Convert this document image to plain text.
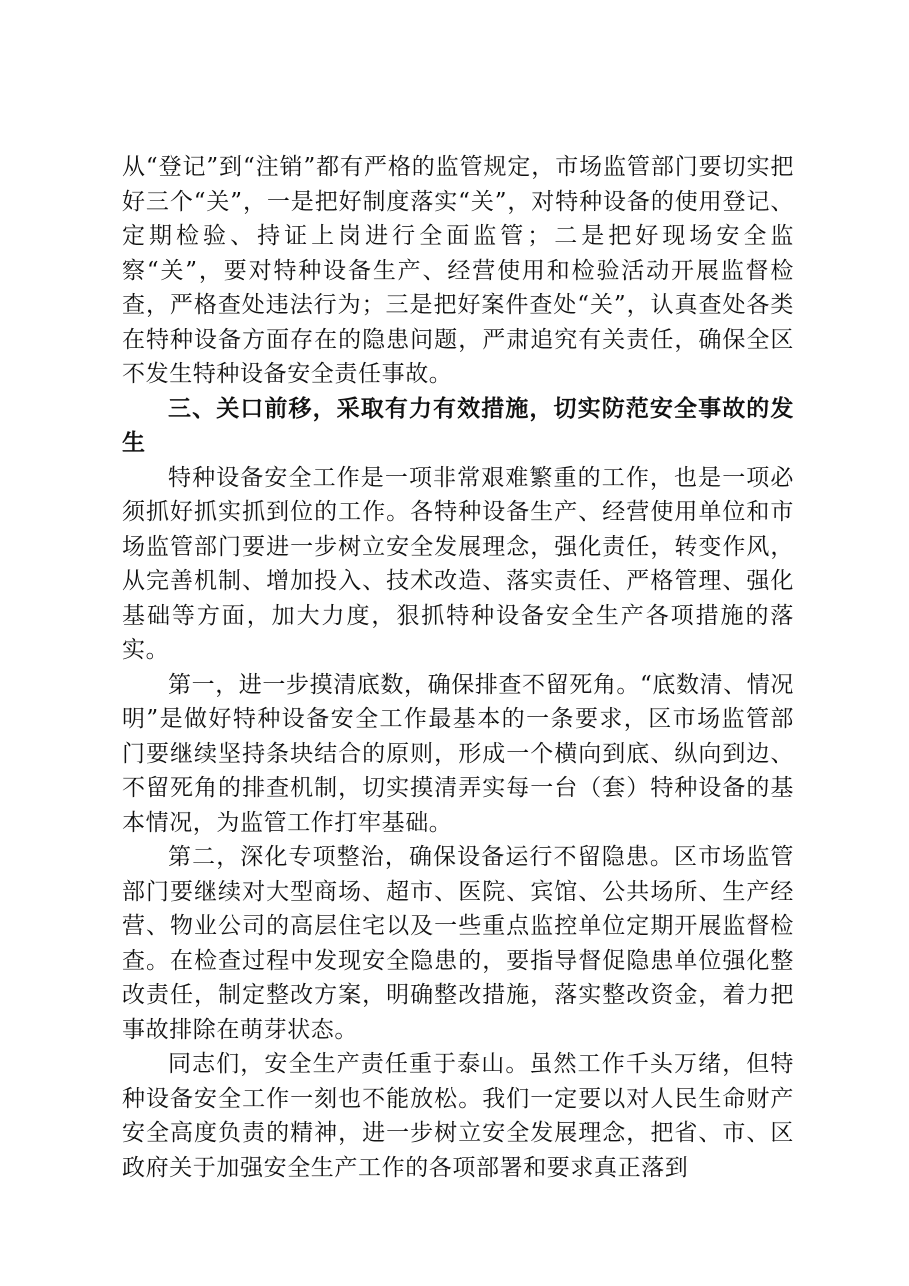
从“登记”到“注销”都有严格的监管规定，市场监管部门要切实把好三个“关”，一是把好制度落实“关”，对特种设备的使用登记、定期检验、持证上岗进行全面监管；二是把好现场安全监察“关”，要对特种设备生产、经营使用和检验活动开展监督检查，严格查处违法行为；三是把好案件查处“关”，认真查处各类在特种设备方面存在的隐患问题，严肃追究有关责任，确保全区不发生特种设备安全责任事故。

三、关口前移，采取有力有效措施，切实防范安全事故的发生

特种设备安全工作是一项非常艰难繁重的工作，也是一项必须抓好抓实抓到位的工作。各特种设备生产、经营使用单位和市场监管部门要进一步树立安全发展理念，强化责任，转变作风，从完善机制、增加投入、技术改造、落实责任、严格管理、强化基础等方面，加大力度，狠抓特种设备安全生产各项措施的落实。

第一，进一步摸清底数，确保排查不留死角。“底数清、情况明”是做好特种设备安全工作最基本的一条要求，区市场监管部门要继续坚持条块结合的原则，形成一个横向到底、纵向到边、不留死角的排查机制，切实摸清弄实每一台（套）特种设备的基本情况，为监管工作打牢基础。

第二，深化专项整治，确保设备运行不留隐患。区市场监管部门要继续对大型商场、超市、医院、宾馆、公共场所、生产经营、物业公司的高层住宅以及一些重点监控单位定期开展监督检查。在检查过程中发现安全隐患的，要指导督促隐患单位强化整改责任，制定整改方案，明确整改措施，落实整改资金，着力把事故排除在萌芽状态。

同志们，安全生产责任重于泰山。虽然工作千头万绪，但特种设备安全工作一刻也不能放松。我们一定要以对人民生命财产安全高度负责的精神，进一步树立安全发展理念，把省、市、区政府关于加强安全生产工作的各项部署和要求真正落到
